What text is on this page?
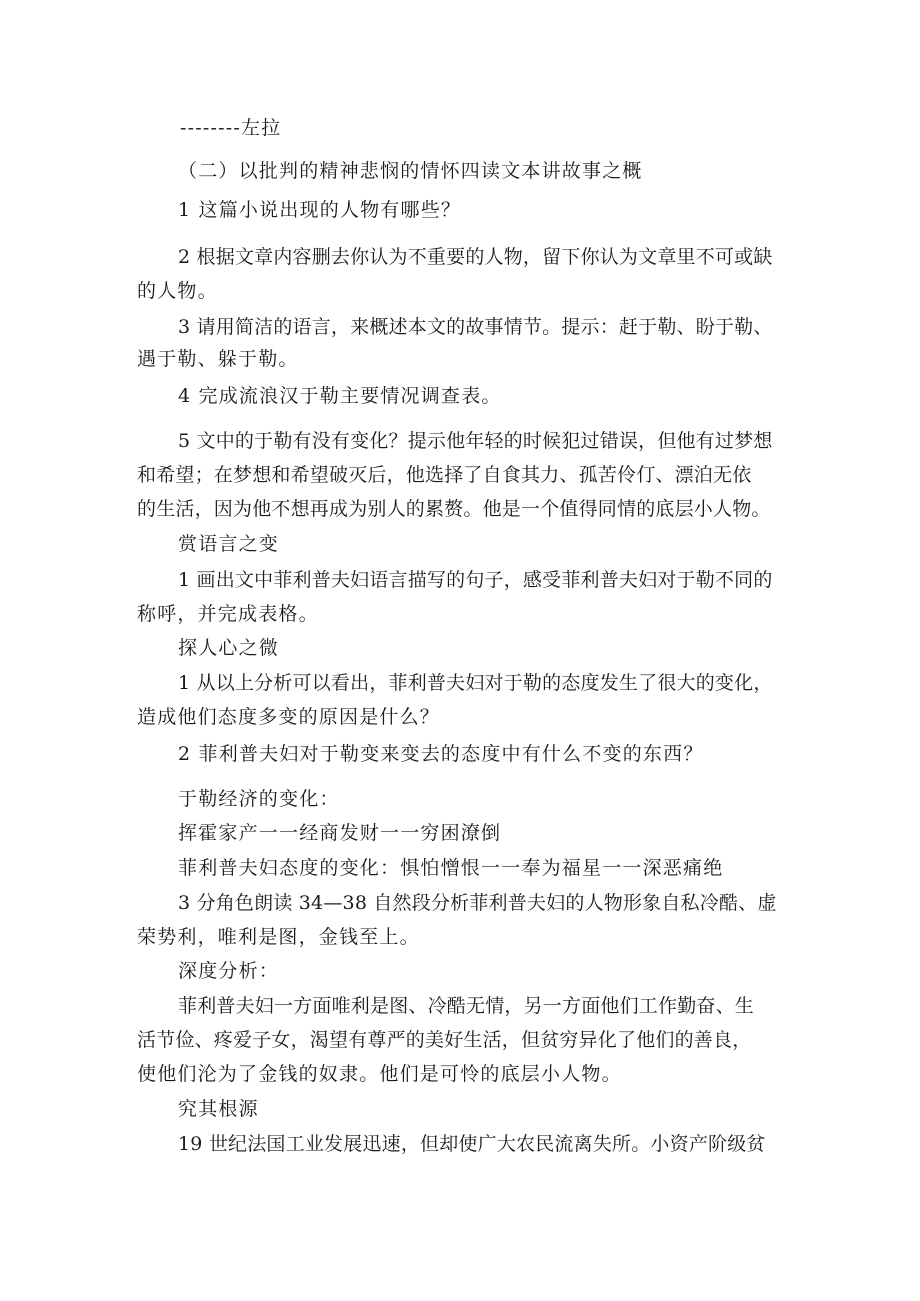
--------左拉
（二）以批判的精神悲悯的情怀四读文本讲故事之概
1 这篇小说出现的人物有哪些？
2 根据文章内容删去你认为不重要的人物，留下你认为文章里不可或缺
的人物。
3 请用简洁的语言，来概述本文的故事情节。提示：赶于勒、盼于勒、
遇于勒、躲于勒。
4 完成流浪汉于勒主要情况调查表。
5 文中的于勒有没有变化？提示他年轻的时候犯过错误，但他有过梦想
和希望；在梦想和希望破灭后，他选择了自食其力、孤苦伶仃、漂泊无依
的生活，因为他不想再成为别人的累赘。他是一个值得同情的底层小人物。
赏语言之变
1 画出文中菲利普夫妇语言描写的句子，感受菲利普夫妇对于勒不同的
称呼，并完成表格。
探人心之微
1 从以上分析可以看出，菲利普夫妇对于勒的态度发生了很大的变化，
造成他们态度多变的原因是什么？
2 菲利普夫妇对于勒变来变去的态度中有什么不变的东西？
于勒经济的变化：
挥霍家产一一经商发财一一穷困潦倒
菲利普夫妇态度的变化：惧怕憎恨一一奉为福星一一深恶痛绝
3 分角色朗读 34—38 自然段分析菲利普夫妇的人物形象自私冷酷、虚
荣势利，唯利是图，金钱至上。
深度分析：
菲利普夫妇一方面唯利是图、冷酷无情，另一方面他们工作勤奋、生
活节俭、疼爱子女，渴望有尊严的美好生活，但贫穷异化了他们的善良，
使他们沦为了金钱的奴隶。他们是可怜的底层小人物。
究其根源
19 世纪法国工业发展迅速，但却使广大农民流离失所。小资产阶级贫
